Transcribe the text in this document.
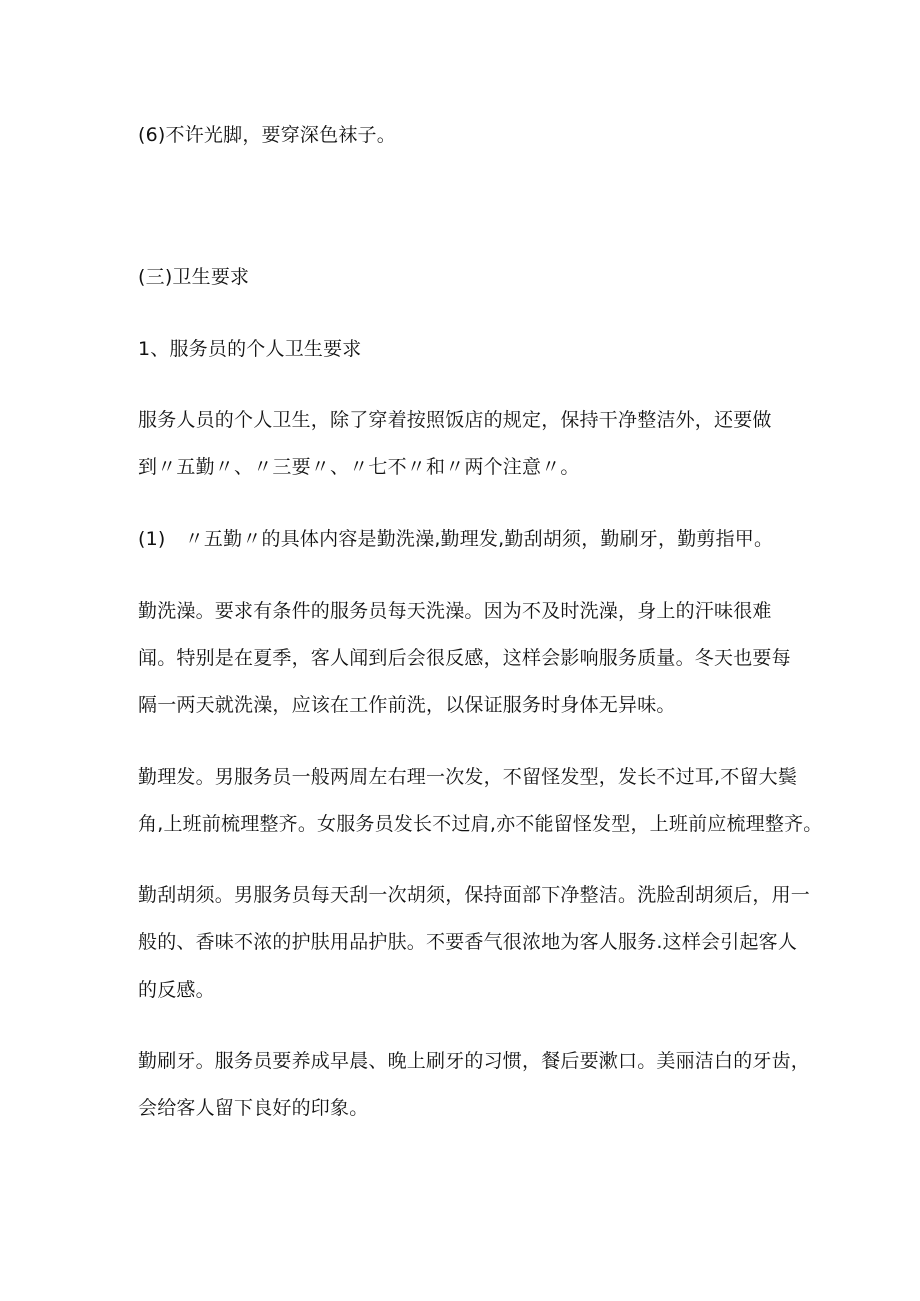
(6)不许光脚，要穿深色袜子。
(三)卫生要求
1、服务员的个人卫生要求
服务人员的个人卫生，除了穿着按照饭店的规定，保持干净整洁外，还要做
到〃五勤〃、〃三要〃、〃七不〃和〃两个注意〃。
(1)　〃五勤〃的具体内容是勤洗澡,勤理发,勤刮胡须，勤刷牙，勤剪指甲。
勤洗澡。要求有条件的服务员每天洗澡。因为不及时洗澡，身上的汗味很难
闻。特别是在夏季，客人闻到后会很反感，这样会影响服务质量。冬天也要每
隔一两天就洗澡，应该在工作前洗，以保证服务时身体无异味。
勤理发。男服务员一般两周左右理一次发，不留怪发型，发长不过耳,不留大鬓
角,上班前梳理整齐。女服务员发长不过肩,亦不能留怪发型，上班前应梳理整齐。
勤刮胡须。男服务员每天刮一次胡须，保持面部下净整洁。洗脸刮胡须后，用一
般的、香味不浓的护肤用品护肤。不要香气很浓地为客人服务.这样会引起客人
的反感。
勤刷牙。服务员要养成早晨、晚上刷牙的习惯，餐后要漱口。美丽洁白的牙齿，
会给客人留下良好的印象。
